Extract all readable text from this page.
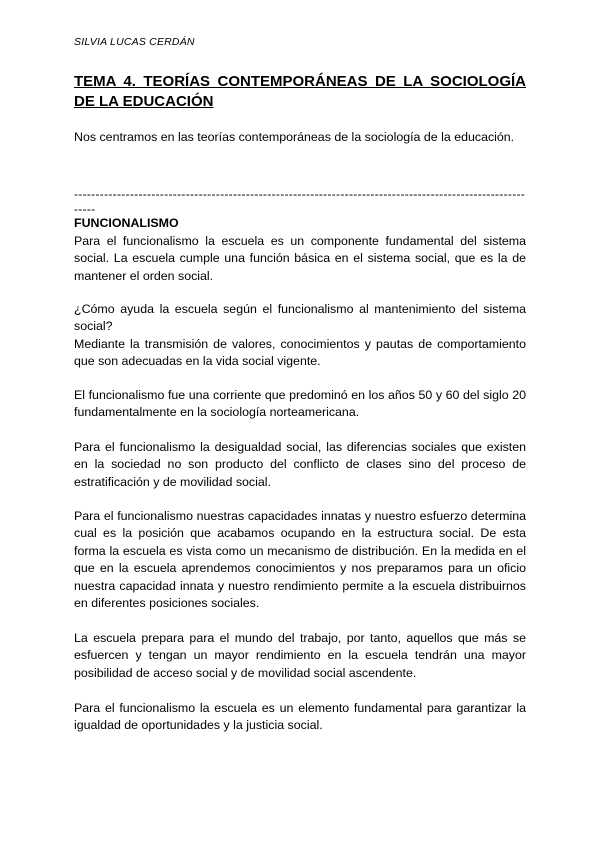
SILVIA LUCAS CERDÁN
TEMA 4. TEORÍAS CONTEMPORÁNEAS DE LA SOCIOLOGÍA DE LA EDUCACIÓN

Nos centramos en las teorías contemporáneas de la sociología de la educación.

--------------------------------------------------------------------------------------------------------------
FUNCIONALISMO

Para el funcionalismo la escuela es un componente fundamental del sistema social. La escuela cumple una función básica en el sistema social, que es la de mantener el orden social.

¿Cómo ayuda la escuela según el funcionalismo al mantenimiento del sistema social?

Mediante la transmisión de valores, conocimientos y pautas de comportamiento que son adecuadas en la vida social vigente.

El funcionalismo fue una corriente que predominó en los años 50 y 60 del siglo 20 fundamentalmente en la sociología norteamericana.

Para el funcionalismo la desigualdad social, las diferencias sociales que existen en la sociedad no son producto del conflicto de clases sino del proceso de estratificación y de movilidad social.

Para el funcionalismo nuestras capacidades innatas y nuestro esfuerzo determina cual es la posición que acabamos ocupando en la estructura social. De esta forma la escuela es vista como un mecanismo de distribución. En la medida en el que en la escuela aprendemos conocimientos y nos preparamos para un oficio nuestra capacidad innata y nuestro rendimiento permite a la escuela distribuirnos en diferentes posiciones sociales.

La escuela prepara para el mundo del trabajo, por tanto, aquellos que más se esfuercen y tengan un mayor rendimiento en la escuela tendrán una mayor posibilidad de acceso social y de movilidad social ascendente.

Para el funcionalismo la escuela es un elemento fundamental para garantizar la igualdad de oportunidades y la justicia social.
